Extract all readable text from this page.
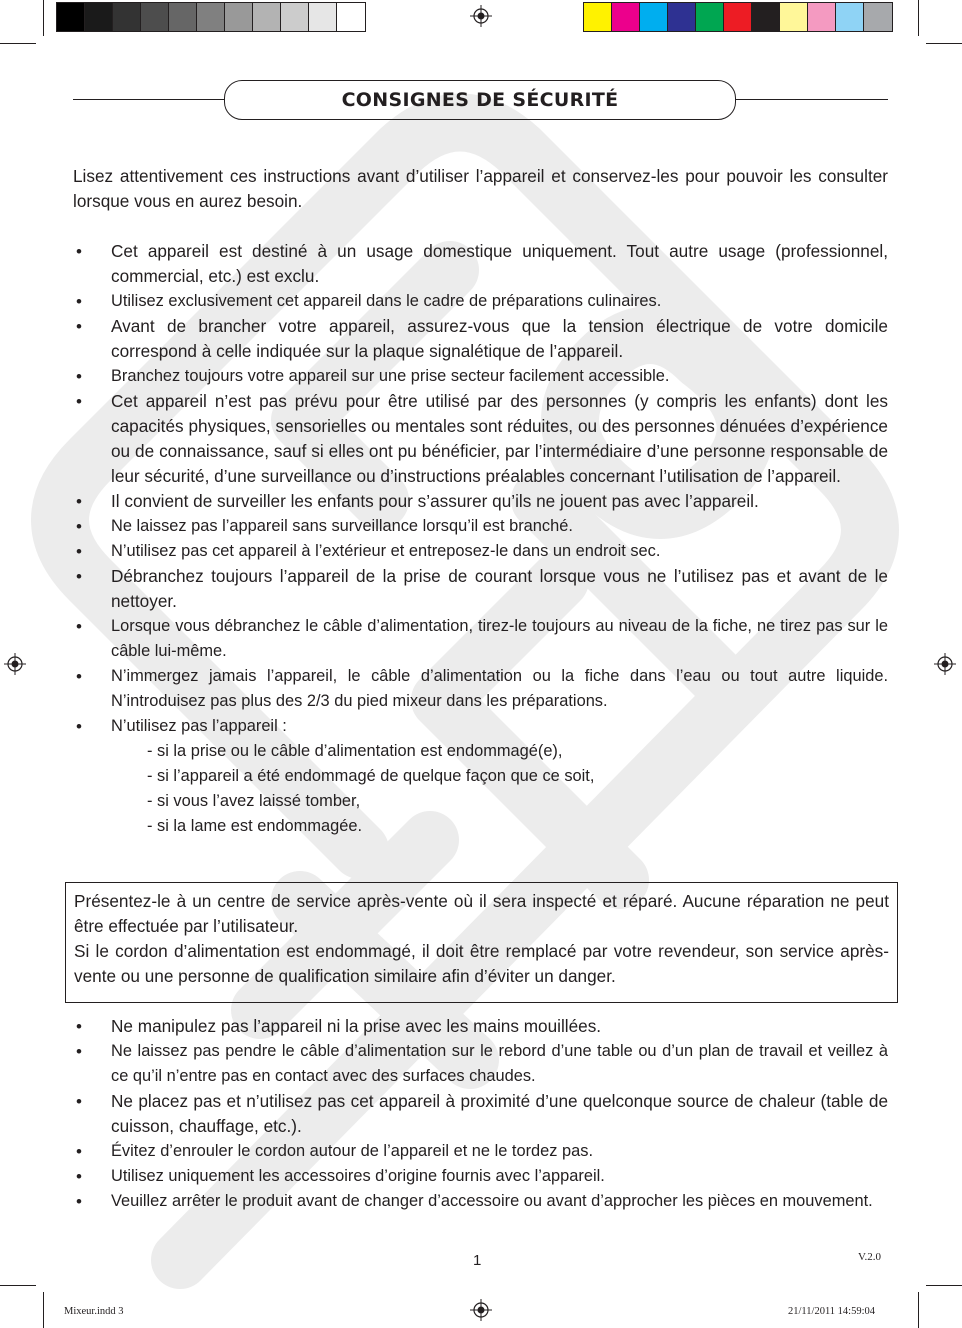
CONSIGNES DE SÉCURITÉ
Lisez attentivement ces instructions avant d’utiliser l’appareil et conservez-les pour pouvoir les consulter lorsque vous en aurez besoin.
• Cet appareil est destiné à un usage domestique uniquement. Tout autre usage (professionnel, commercial, etc.) est exclu.
• Utilisez exclusivement cet appareil dans le cadre de préparations culinaires.
• Avant de brancher votre appareil, assurez-vous que la tension électrique de votre domicile correspond à celle indiquée sur la plaque signalétique de l’appareil.
• Branchez toujours votre appareil sur une prise secteur facilement accessible.
• Cet appareil n’est pas prévu pour être utilisé par des personnes (y compris les enfants) dont les capacités physiques, sensorielles ou mentales sont réduites, ou des personnes dénuées d’expérience ou de connaissance, sauf si elles ont pu bénéficier, par l’intermédiaire d’une personne responsable de leur sécurité, d’une surveillance ou d’instructions préalables concernant l’utilisation de l’appareil.
• Il convient de surveiller les enfants pour s’assurer qu’ils ne jouent pas avec l’appareil.
• Ne laissez pas l’appareil sans surveillance lorsqu’il est branché.
• N’utilisez pas cet appareil à l’extérieur et entreposez-le dans un endroit sec.
• Débranchez toujours l’appareil de la prise de courant lorsque vous ne l’utilisez pas et avant de le nettoyer.
• Lorsque vous débranchez le câble d’alimentation, tirez-le toujours au niveau de la fiche, ne tirez pas sur le câble lui-même.
• N’immergez jamais l’appareil, le câble d’alimentation ou la fiche dans l’eau ou tout autre liquide. N’introduisez pas plus des 2/3 du pied mixeur dans les préparations.
• N’utilisez pas l’appareil :
- si la prise ou le câble d’alimentation est endommagé(e),
- si l’appareil a été endommagé de quelque façon que ce soit,
- si vous l’avez laissé tomber,
- si la lame est endommagée.
Présentez-le à un centre de service après-vente où il sera inspecté et réparé. Aucune réparation ne peut être effectuée par l’utilisateur.
Si le cordon d’alimentation est endommagé, il doit être remplacé par votre revendeur, son service après-vente ou une personne de qualification similaire afin d’éviter un danger.
• Ne manipulez pas l’appareil ni la prise avec les mains mouillées.
• Ne laissez pas pendre le câble d’alimentation sur le rebord d’une table ou d’un plan de travail et veillez à ce qu’il n’entre pas en contact avec des surfaces chaudes.
• Ne placez pas et n’utilisez pas cet appareil à proximité d’une quelconque source de chaleur (table de cuisson, chauffage, etc.).
• Évitez d’enrouler le cordon autour de l’appareil et ne le tordez pas.
• Utilisez uniquement les accessoires d’origine fournis avec l’appareil.
• Veuillez arrêter le produit avant de changer d’accessoire ou avant d’approcher les pièces en mouvement.
1	V.2.0
Mixeur.indd 3	21/11/2011 14:59:04
